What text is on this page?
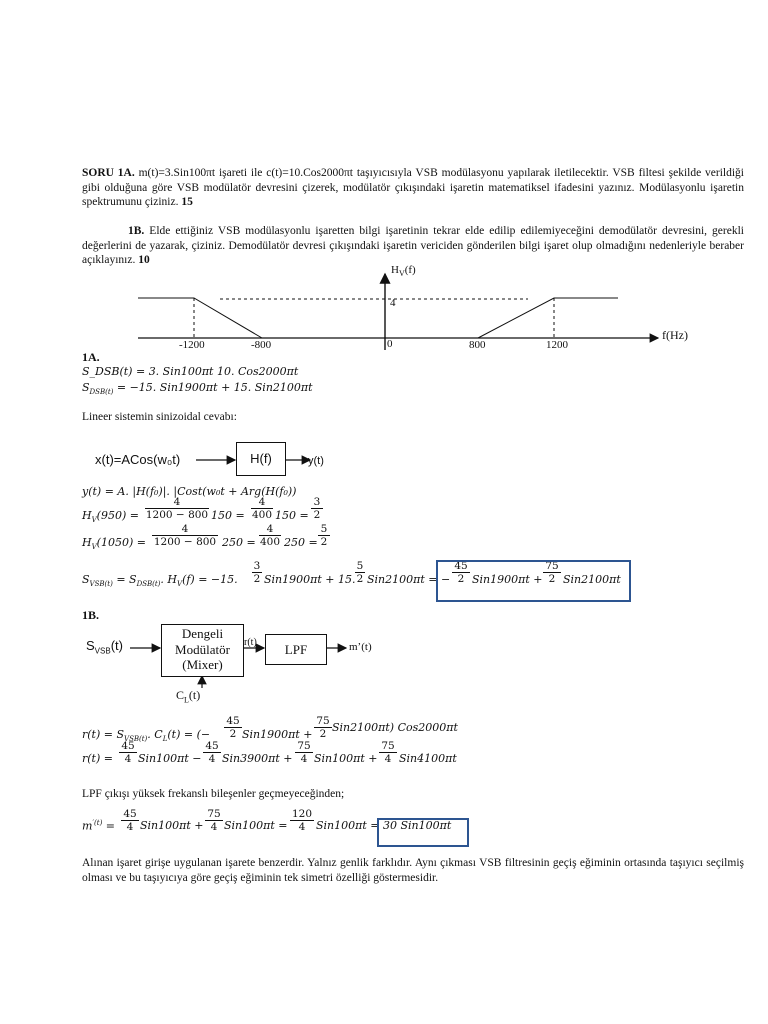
SORU 1A. m(t)=3.Sin100πt işareti ile c(t)=10.Cos2000πt taşıyıcısıyla VSB modülasyonu yapılarak iletilecektir. VSB filtesi şekilde verildiği gibi olduğuna göre VSB modülatör devresini çizerek, modülatör çıkışındaki işaretin matematiksel ifadesini yazınız. Modülasyonlu işaretin spektrumunu çiziniz. 15
1B. Elde ettiğiniz VSB modülasyonlu işaretten bilgi işaretinin tekrar elde edilip edilemiyeceğini demodülatör devresini, gerekli değerlerini de yazarak, çiziniz. Demodülatör devresi çıkışındaki işaretin vericiden gönderilen bilgi işaret olup olmadığını nedenleriyle beraber açıklayınız. 10
$H_V(f)$
4
f(Hz)
-1200	-800	0	800	1200
1A.
S_DSB(t) = 3. Sin100πt 10. Cos2000πt
$S_{DSB(t)} = -15$. Sin1900πt + 15. Sin2100πt
Lineer sistemin sinizoidal cevabı:
x(t)=ACos(w₀t)	H(f)	y(t)
y(t) = A. |H(f₀)|. |Cost(w₀t + Arg(H(f₀))
$H_V(950) = \frac{4}{1200 - 800} 150 = \frac{4}{400} 150 = \frac{3}{2}$
$H_V(1050) = \frac{4}{1200 - 800} 250 = \frac{4}{400} 250 = \frac{5}{2}$
$S_{VSB(t)} = S_{DSB(t)}$. $H_V(f) = -15$. $\frac{3}{2} Sin1900\pi t + 15$. $\frac{5}{2} Sin2100\pi t$ = − $\frac{45}{2} Sin1900\pi t + \frac{75}{2} Sin2100\pi t$
1B.
$S_{VSB}(t)$
Dengeli
Modülatör
(Mixer)
r(t)	LPF	m’(t)
$C_L(t)$
$r(t) = S_{VSB(t)}$. $C_L(t)$ = (− $\frac{45}{2} Sin1900\pi t + \frac{75}{2} Sin2100\pi t$) Cos2000πt
$r(t) = \frac{45}{4} Sin100\pi t - \frac{45}{4} Sin3900\pi t + \frac{75}{4} Sin100\pi t + \frac{75}{4} Sin4100\pi t$
LPF çıkışı yüksek frekanslı bileşenler geçmeyeceğinden;
$m^{'(t)} = \frac{45}{4} Sin100\pi t + \frac{75}{4} Sin100\pi t = \frac{120}{4} Sin100\pi t = 30$ Sin100πt
Alınan işaret girişe uygulanan işarete benzerdir. Yalnız genlik farklıdır. Aynı çıkması VSB filtresinin geçiş eğiminin ortasında taşıyıcı seçilmiş olması ve bu taşıyıcıya göre geçiş eğiminin tek simetri özelliği göstermesidir.
